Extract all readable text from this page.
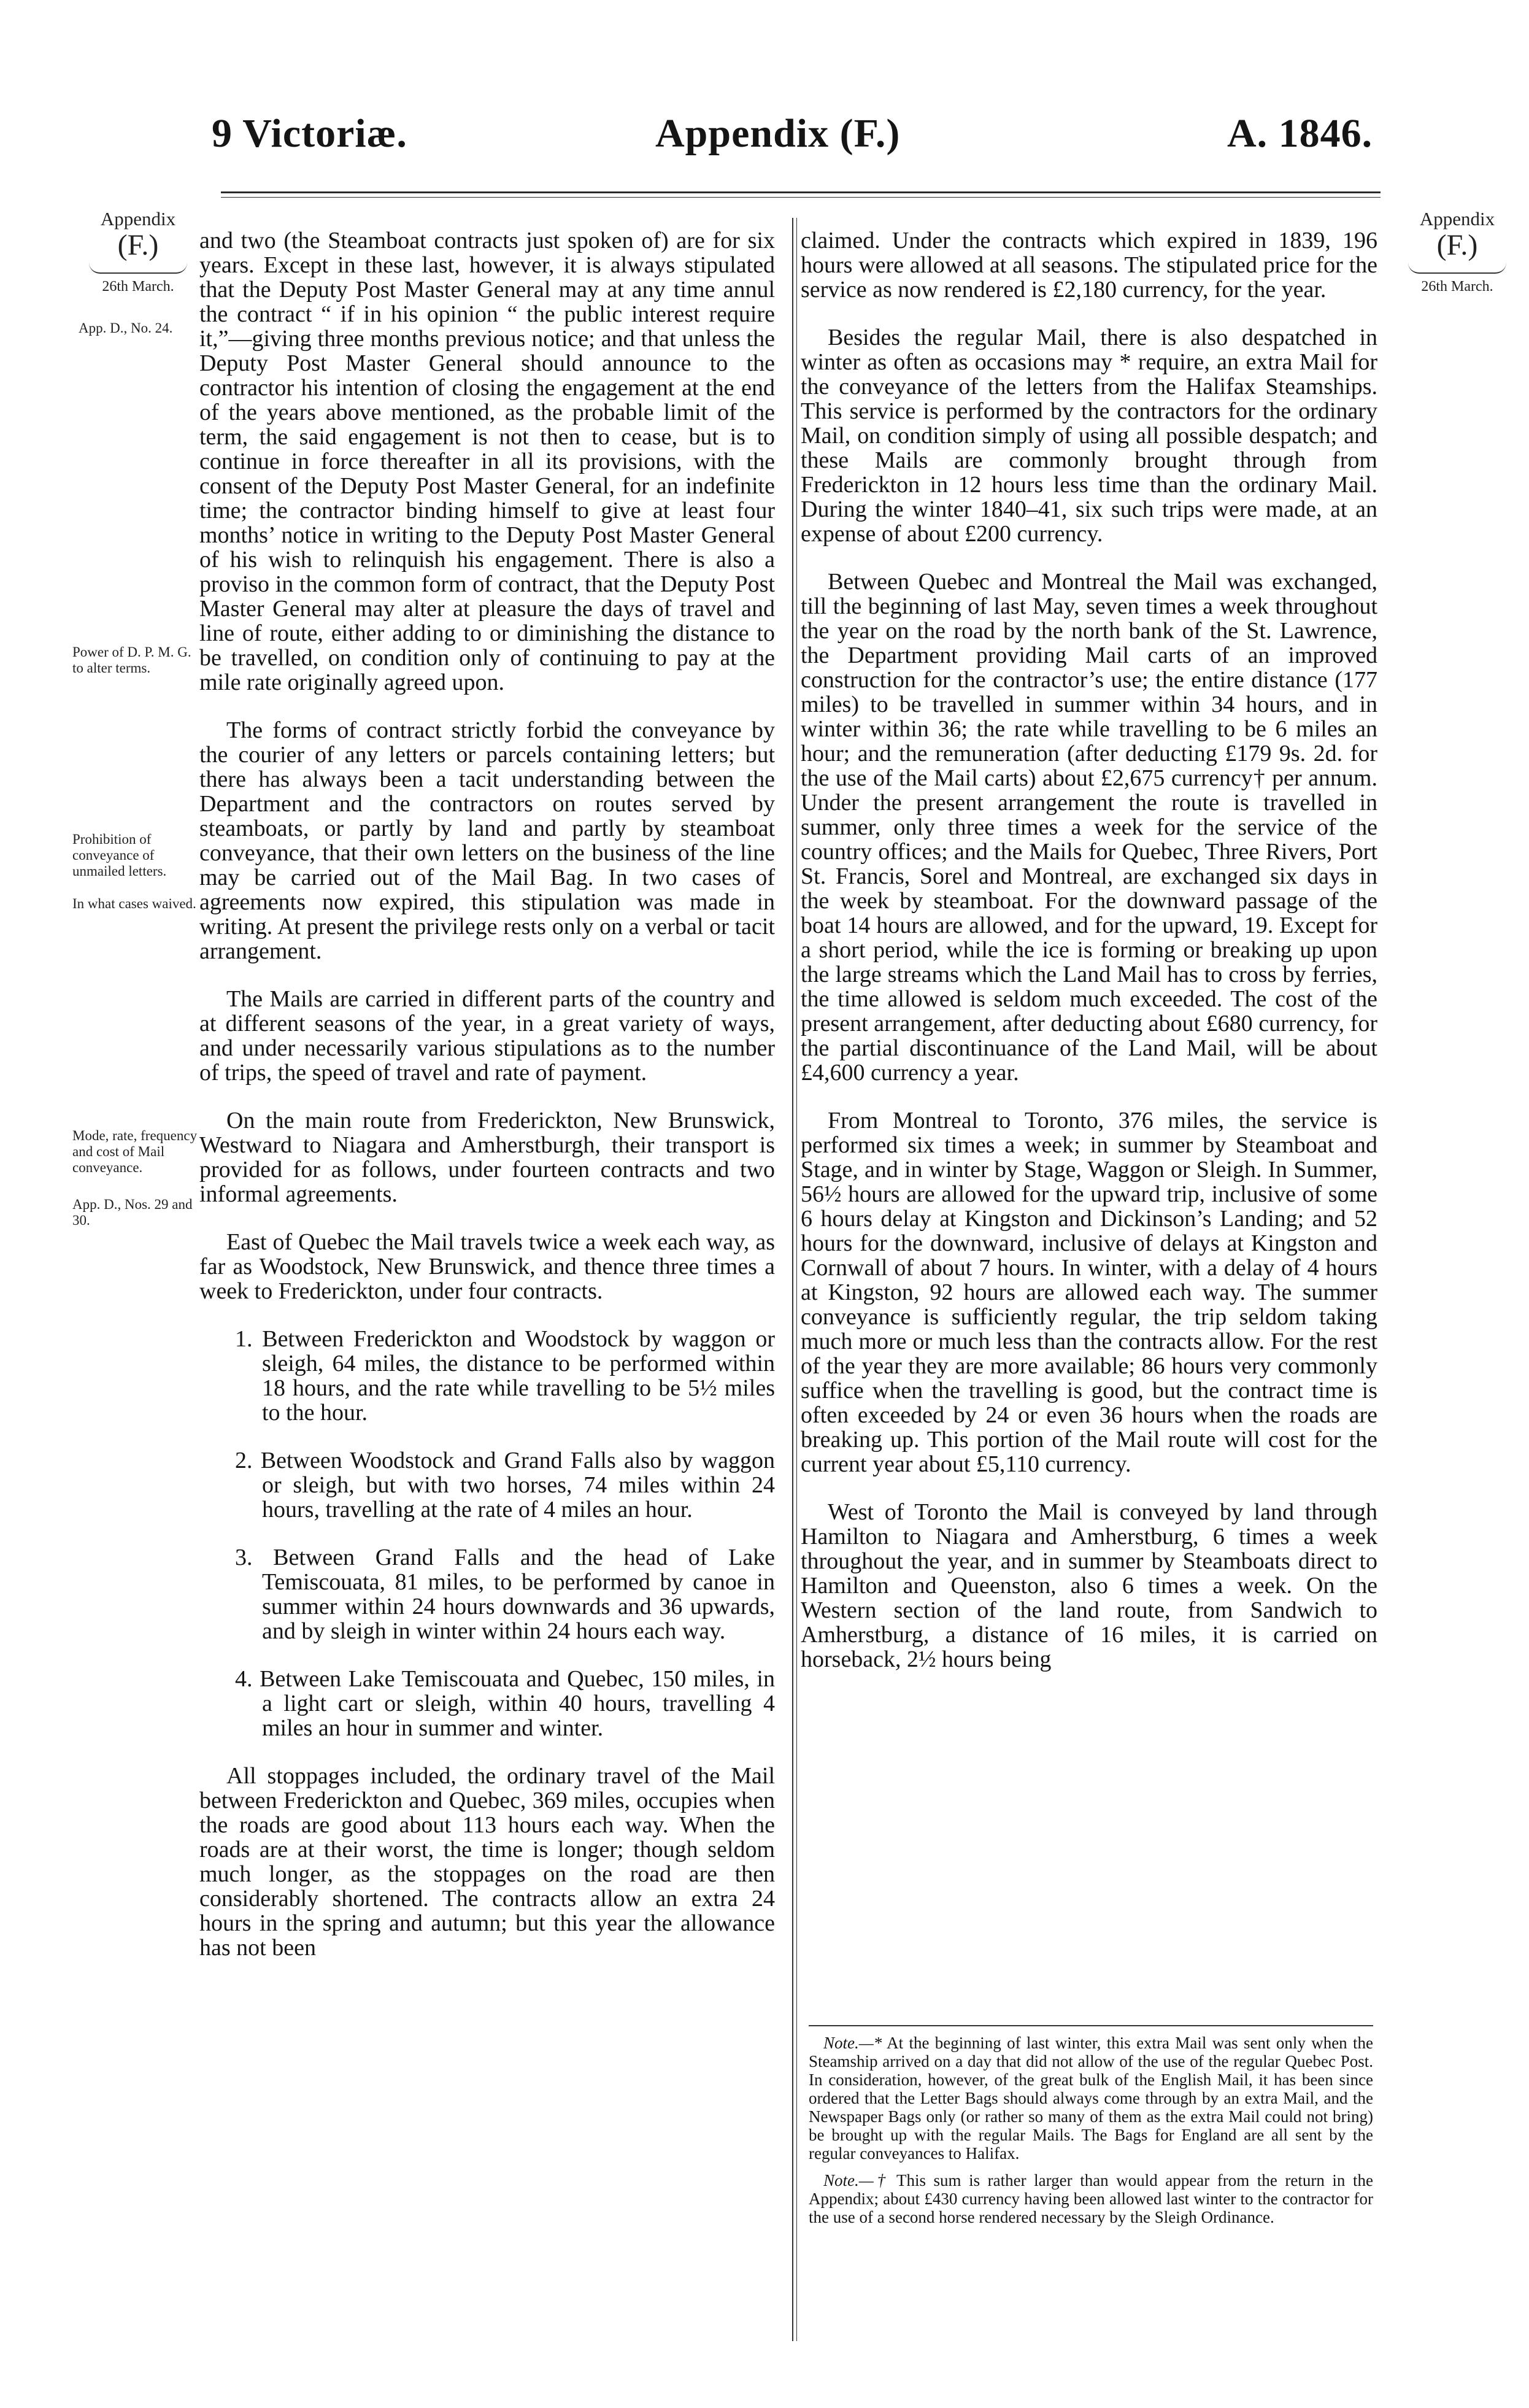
9 Victoriæ.	Appendix (F.)	A. 1846.
Appendix
(F.)
26th March.
App. D., No. 24.
Power of D. P. M. G. to alter terms.
Prohibition of conveyance of unmailed letters.
In what cases waived.
Mode, rate, frequency and cost of Mail conveyance.
App. D., Nos. 29 and 30.
Appendix
(F.)
26th March.

and two (the Steamboat contracts just spoken of) are for six years. Except in these last, however, it is always stipulated that the Deputy Post Master General may at any time annul the contract “ if in his opinion “ the public interest require it,”—giving three months previous notice; and that unless the Deputy Post Master General should announce to the contractor his intention of closing the engagement at the end of the years above mentioned, as the probable limit of the term, the said engagement is not then to cease, but is to continue in force thereafter in all its provisions, with the consent of the Deputy Post Master General, for an indefinite time; the contractor binding himself to give at least four months’ notice in writing to the Deputy Post Master General of his wish to relinquish his engagement. There is also a proviso in the common form of contract, that the Deputy Post Master General may alter at pleasure the days of travel and line of route, either adding to or diminishing the distance to be travelled, on condition only of continuing to pay at the mile rate originally agreed upon.

The forms of contract strictly forbid the conveyance by the courier of any letters or parcels containing letters; but there has always been a tacit understanding between the Department and the contractors on routes served by steamboats, or partly by land and partly by steamboat conveyance, that their own letters on the business of the line may be carried out of the Mail Bag. In two cases of agreements now expired, this stipulation was made in writing. At present the privilege rests only on a verbal or tacit arrangement.

The Mails are carried in different parts of the country and at different seasons of the year, in a great variety of ways, and under necessarily various stipulations as to the number of trips, the speed of travel and rate of payment.

On the main route from Frederickton, New Brunswick, Westward to Niagara and Amherstburgh, their transport is provided for as follows, under fourteen contracts and two informal agreements.

East of Quebec the Mail travels twice a week each way, as far as Woodstock, New Brunswick, and thence three times a week to Frederickton, under four contracts.

1. Between Frederickton and Woodstock by waggon or sleigh, 64 miles, the distance to be performed within 18 hours, and the rate while travelling to be 5½ miles to the hour.
2. Between Woodstock and Grand Falls also by waggon or sleigh, but with two horses, 74 miles within 24 hours, travelling at the rate of 4 miles an hour.
3. Between Grand Falls and the head of Lake Temiscouata, 81 miles, to be performed by canoe in summer within 24 hours downwards and 36 upwards, and by sleigh in winter within 24 hours each way.
4. Between Lake Temiscouata and Quebec, 150 miles, in a light cart or sleigh, within 40 hours, travelling 4 miles an hour in summer and winter.

All stoppages included, the ordinary travel of the Mail between Frederickton and Quebec, 369 miles, occupies when the roads are good about 113 hours each way. When the roads are at their worst, the time is longer; though seldom much longer, as the stoppages on the road are then considerably shortened. The contracts allow an extra 24 hours in the spring and autumn; but this year the allowance has not been

claimed. Under the contracts which expired in 1839, 196 hours were allowed at all seasons. The stipulated price for the service as now rendered is £2,180 currency, for the year.

Besides the regular Mail, there is also despatched in winter as often as occasions may * require, an extra Mail for the conveyance of the letters from the Halifax Steamships. This service is performed by the contractors for the ordinary Mail, on condition simply of using all possible despatch; and these Mails are commonly brought through from Frederickton in 12 hours less time than the ordinary Mail. During the winter 1840–41, six such trips were made, at an expense of about £200 currency.

Between Quebec and Montreal the Mail was exchanged, till the beginning of last May, seven times a week throughout the year on the road by the north bank of the St. Lawrence, the Department providing Mail carts of an improved construction for the contractor’s use; the entire distance (177 miles) to be travelled in summer within 34 hours, and in winter within 36; the rate while travelling to be 6 miles an hour; and the remuneration (after deducting £179 9s. 2d. for the use of the Mail carts) about £2,675 currency† per annum. Under the present arrangement the route is travelled in summer, only three times a week for the service of the country offices; and the Mails for Quebec, Three Rivers, Port St. Francis, Sorel and Montreal, are exchanged six days in the week by steamboat. For the downward passage of the boat 14 hours are allowed, and for the upward, 19. Except for a short period, while the ice is forming or breaking up upon the large streams which the Land Mail has to cross by ferries, the time allowed is seldom much exceeded. The cost of the present arrangement, after deducting about £680 currency, for the partial discontinuance of the Land Mail, will be about £4,600 currency a year.

From Montreal to Toronto, 376 miles, the service is performed six times a week; in summer by Steamboat and Stage, and in winter by Stage, Waggon or Sleigh. In Summer, 56½ hours are allowed for the upward trip, inclusive of some 6 hours delay at Kingston and Dickinson’s Landing; and 52 hours for the downward, inclusive of delays at Kingston and Cornwall of about 7 hours. In winter, with a delay of 4 hours at Kingston, 92 hours are allowed each way. The summer conveyance is sufficiently regular, the trip seldom taking much more or much less than the contracts allow. For the rest of the year they are more available; 86 hours very commonly suffice when the travelling is good, but the contract time is often exceeded by 24 or even 36 hours when the roads are breaking up. This portion of the Mail route will cost for the current year about £5,110 currency.

West of Toronto the Mail is conveyed by land through Hamilton to Niagara and Amherstburg, 6 times a week throughout the year, and in summer by Steamboats direct to Hamilton and Queenston, also 6 times a week. On the Western section of the land route, from Sandwich to Amherstburg, a distance of 16 miles, it is carried on horseback, 2½ hours being

Note.—* At the beginning of last winter, this extra Mail was sent only when the Steamship arrived on a day that did not allow of the use of the regular Quebec Post. In consideration, however, of the great bulk of the English Mail, it has been since ordered that the Letter Bags should always come through by an extra Mail, and the Newspaper Bags only (or rather so many of them as the extra Mail could not bring) be brought up with the regular Mails. The Bags for England are all sent by the regular conveyances to Halifax.

Note.—† This sum is rather larger than would appear from the return in the Appendix; about £430 currency having been allowed last winter to the contractor for the use of a second horse rendered necessary by the Sleigh Ordinance.
